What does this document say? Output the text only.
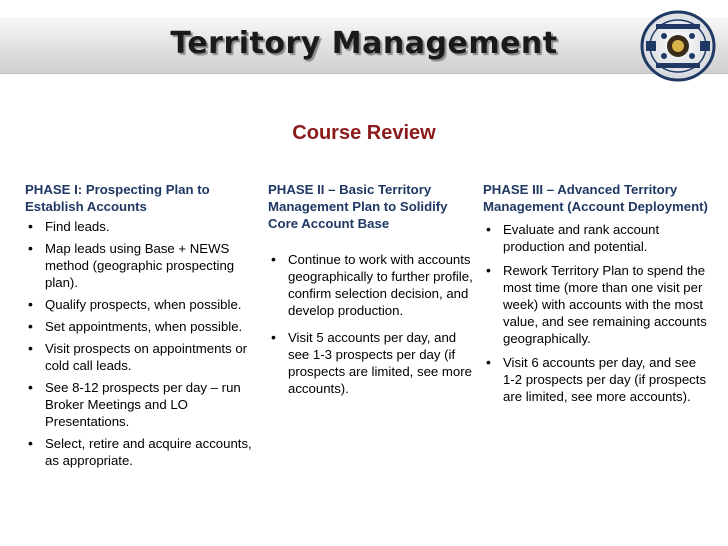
Territory Management
Course Review
PHASE I: Prospecting Plan to Establish Accounts
• Find leads.
• Map leads using Base + NEWS method (geographic prospecting plan).
• Qualify prospects, when possible.
• Set appointments, when possible.
• Visit prospects on appointments or cold call leads.
• See 8-12 prospects per day – run Broker Meetings and LO Presentations.
• Select, retire and acquire accounts, as appropriate.
PHASE II – Basic Territory Management Plan to Solidify Core Account Base
• Continue to work with accounts geographically to further profile, confirm selection decision, and develop production.
• Visit 5 accounts per day, and see 1-3 prospects per day (if prospects are limited, see more accounts).
PHASE III – Advanced Territory Management (Account Deployment)
• Evaluate and rank account production and potential.
• Rework Territory Plan to spend the most time (more than one visit per week) with accounts with the most value, and see remaining accounts geographically.
• Visit 6 accounts per day, and see 1-2 prospects per day (if prospects are limited, see more accounts).
